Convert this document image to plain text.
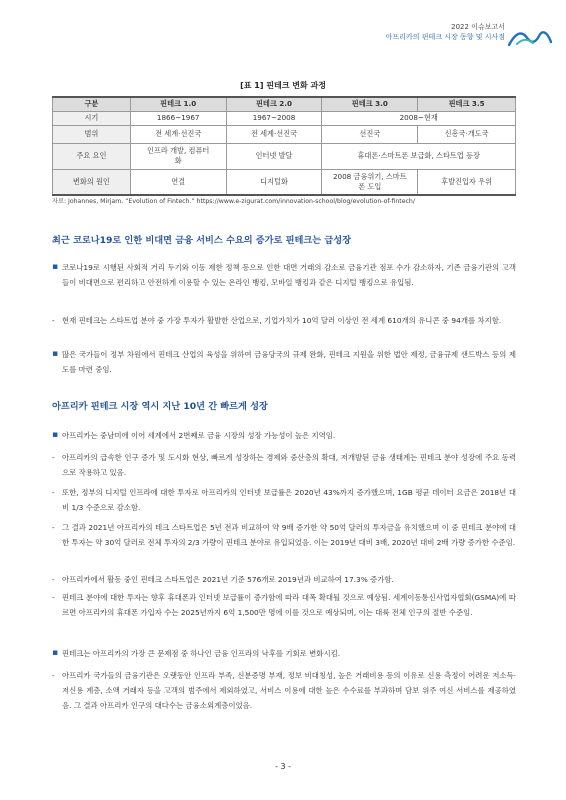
2022 이슈보고서
아프리카의 핀테크 시장 동향 및 시사점
[표 1] 핀테크 변화 과정
구분	핀테크 1.0	핀테크 2.0	핀테크 3.0	핀테크 3.5
시기	1866~1967	1967~2008	2008~현재	
범위	전 세계·선진국	전 세계·선진국	선진국	신흥국·개도국
주요 요인	인프라 개발, 컴퓨터화	인터넷 발달	휴대폰·스마트폰 보급화, 스타트업 등장	
변화의 원인	연결	디지털화	2008 금융위기, 스마트폰 도입	후발진입자 우위
자료: Johannes, Mirjam. “Evolution of Fintech.” https://www.e-zigurat.com/innovation-school/blog/evolution-of-fintech/
최근 코로나19로 인한 비대면 금융 서비스 수요의 증가로 핀테크는 급성장
▪ 코로나19로 시행된 사회적 거리 두기와 이동 제한 정책 등으로 인한 대면 거래의 감소로 금융기관 점포 수가 감소하자, 기존 금융기관의 고객들이 비대면으로 편리하고 안전하게 이용할 수 있는 온라인 뱅킹, 모바일 뱅킹과 같은 디지털 뱅킹으로 유입됨.
- 현재 핀테크는 스타트업 분야 중 가장 투자가 활발한 산업으로, 기업가치가 10억 달러 이상인 전 세계 610개의 유니콘 중 94개를 차지함.
▪ 많은 국가들이 정부 차원에서 핀테크 산업의 육성을 위하여 금융당국의 규제 완화, 핀테크 지원을 위한 법안 제정, 금융규제 샌드박스 등의 제도를 마련 중임.
아프리카 핀테크 시장 역시 지난 10년 간 빠르게 성장
▪ 아프리카는 중남미에 이어 세계에서 2번째로 금융 시장의 성장 가능성이 높은 지역임.
- 아프리카의 급속한 인구 증가 및 도시화 현상, 빠르게 성장하는 경제와 중산층의 확대, 저개발된 금융 생태계는 핀테크 분야 성장에 주요 동력으로 작용하고 있음.
- 또한, 정부의 디지털 인프라에 대한 투자로 아프리카의 인터넷 보급률은 2020년 43%까지 증가했으며, 1GB 평균 데이터 요금은 2018년 대비 1/3 수준으로 감소함.
- 그 결과 2021년 아프리카의 테크 스타트업은 5년 전과 비교하여 약 9배 증가한 약 50억 달러의 투자금을 유치했으며 이 중 핀테크 분야에 대한 투자는 약 30억 달러로 전체 투자의 2/3 가량이 핀테크 분야로 유입되었음. 이는 2019년 대비 3배, 2020년 대비 2배 가량 증가한 수준임.
- 아프리카에서 활동 중인 핀테크 스타트업은 2021년 기준 576개로 2019년과 비교하여 17.3% 증가함.
- 핀테크 분야에 대한 투자는 향후 휴대폰과 인터넷 보급률이 증가함에 따라 대폭 확대될 것으로 예상됨. 세계이동통신사업자협회(GSMA)에 따르면 아프리카의 휴대폰 가입자 수는 2025년까지 6억 1,500만 명에 이를 것으로 예상되며, 이는 대륙 전체 인구의 절반 수준임.
▪ 핀테크는 아프리카의 가장 큰 문제점 중 하나인 금융 인프라의 낙후를 기회로 변화시킴.
- 아프리카 국가들의 금융기관은 오랫동안 인프라 부족, 신분증명 부재, 정보 비대칭성, 높은 거래비용 등의 이유로 신용 측정이 어려운 저소득·저신용 계층, 소액 거래자 등을 고객의 범주에서 제외하였고, 서비스 이용에 대한 높은 수수료를 부과하며 담보 위주 여신 서비스를 제공하였음. 그 결과 아프리카 인구의 대다수는 금융소외계층이었음.
- 3 -
